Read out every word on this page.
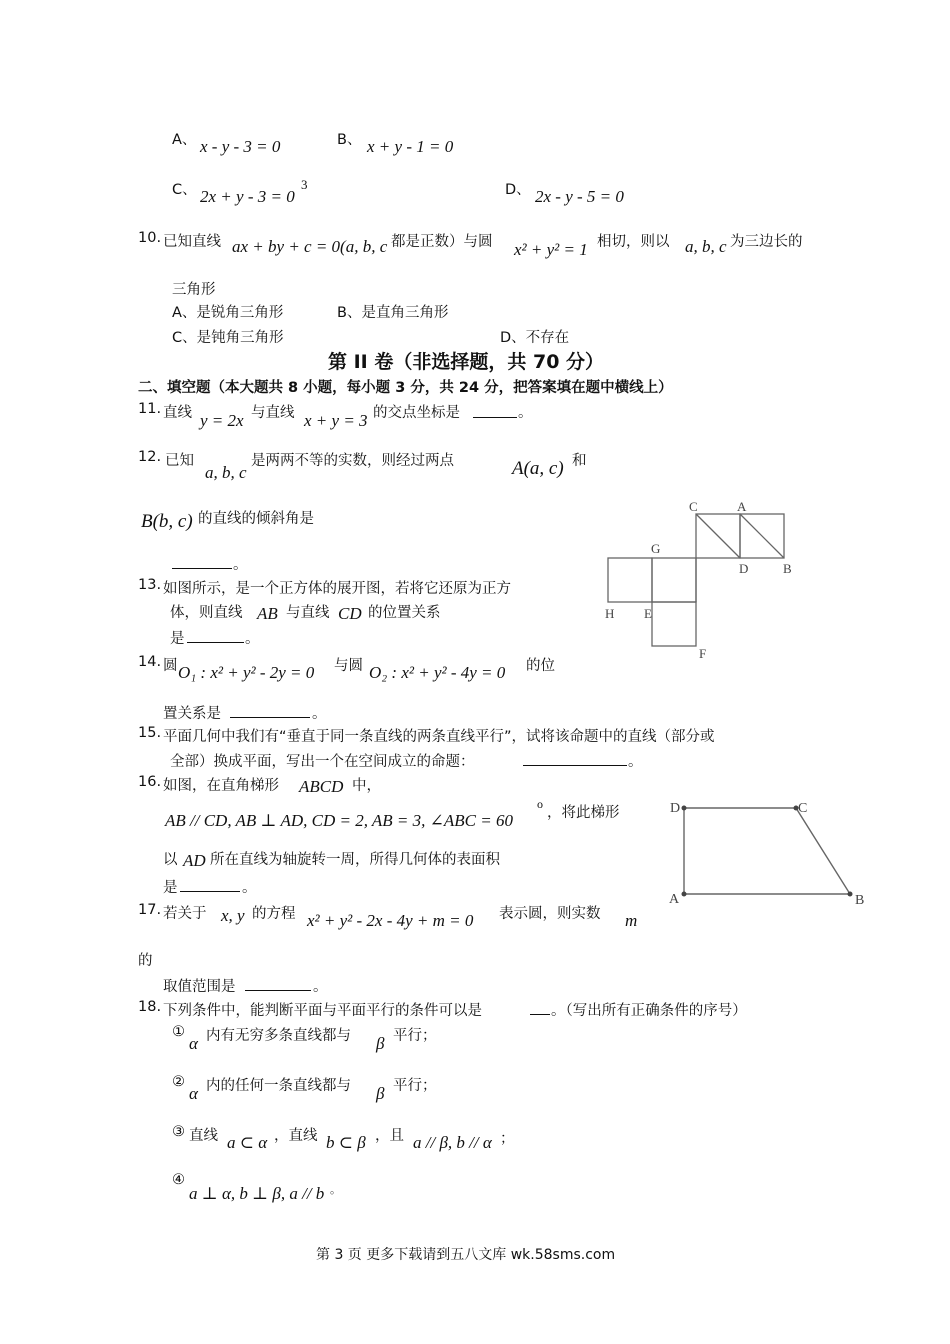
A、 x - y - 3 = 0	B、 x + y - 1 = 0
C、 2x + y - 3 = 0
3	D、 2x - y - 5 = 0
10. 已知直线 ax + by + c = 0(a, b, c 都是正数）与圆 x² + y² = 1 相切，则以 a, b, c 为三边长的
三角形
A、是锐角三角形	B、是直角三角形
C、是钝角三角形	D、不存在
第 II 卷（非选择题，共 70 分）
二、填空题（本大题共 8 小题，每小题 3 分，共 24 分，把答案填在题中横线上）
11. 直线 y = 2x 与直线 x + y = 3 的交点坐标是	。
12. 已知
a, b, c
是两两不等的实数，则经过两点	A(a, c) 和
B(b, c) 的直线的倾斜角是
。
13. 如图所示，是一个正方体的展开图，若将它还原为正方
体，则直线 AB 与直线 CD 的位置关系
是	。
C	A
G
D	B
H E
F
14. 圆 O₁ : x² + y² - 2y = 0 与圆 O₂ : x² + y² - 4y = 0 的位
置关系是	。
15. 平面几何中我们有“垂直于同一条直线的两条直线平行”，试将该命题中的直线（部分或
全部）换成平面，写出一个在空间成立的命题：	。
16. 如图，在直角梯形 ABCD 中，
AB // CD, AB ⊥ AD, CD = 2, AB = 3, ∠ABC = 60
o
，将此梯形
以 AD 所在直线为轴旋转一周，所得几何体的表面积
是	。
D	C
A	B
17. 若关于 x, y 的方程 x² + y² - 2x - 4y + m = 0 表示圆，则实数 m
的
取值范围是	。
18. 下列条件中，能判断平面与平面平行的条件可以是	。（写出所有正确条件的序号）
①
α 内有无穷多条直线都与 β 平行；
②
α 内的任何一条直线都与 β 平行；
③ 直线 a ⊂ α ，直线 b ⊂ β ，且 a // β, b // α ；
④
a ⊥ α, b ⊥ β, a // b 。
第 3 页 更多下载请到五八文库 wk.58sms.com
